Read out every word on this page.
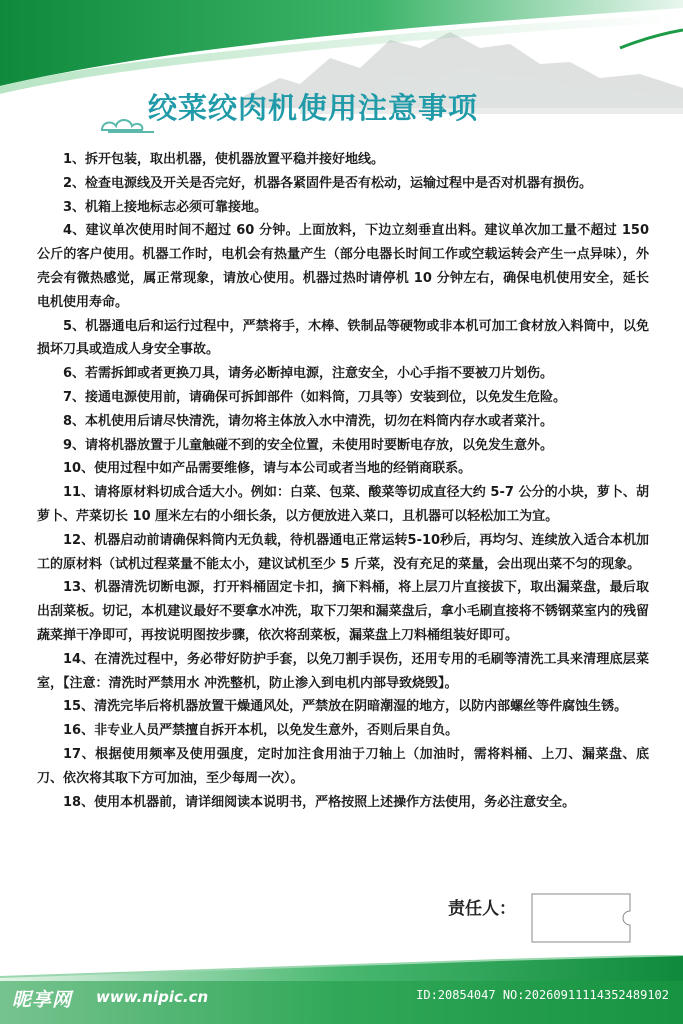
绞菜绞肉机使用注意事项

1、拆开包装，取出机器，使机器放置平稳并接好地线。

2、检查电源线及开关是否完好，机器各紧固件是否有松动，运输过程中是否对机器有损伤。

3、机箱上接地标志必须可靠接地。

4、建议单次使用时间不超过 60 分钟。上面放料，下边立刻垂直出料。建议单次加工量不超过 150 公斤的客户使用。机器工作时，电机会有热量产生（部分电器长时间工作或空载运转会产生一点异味），外壳会有微热感觉，属正常现象，请放心使用。机器过热时请停机 10 分钟左右，确保电机使用安全，延长电机使用寿命。

5、机器通电后和运行过程中，严禁将手，木棒、铁制品等硬物或非本机可加工食材放入料筒中，以免损坏刀具或造成人身安全事故。

6、若需拆卸或者更换刀具，请务必断掉电源，注意安全，小心手指不要被刀片划伤。

7、接通电源使用前，请确保可拆卸部件（如料筒，刀具等）安装到位，以免发生危险。

8、本机使用后请尽快清洗，请勿将主体放入水中清洗，切勿在料筒内存水或者菜汁。

9、请将机器放置于儿童触碰不到的安全位置，未使用时要断电存放，以免发生意外。

10、使用过程中如产品需要维修，请与本公司或者当地的经销商联系。

11、请将原材料切成合适大小。例如：白菜、包菜、酸菜等切成直径大约 5-7 公分的小块，萝卜、胡萝卜、芹菜切长 10 厘米左右的小细长条，以方便放进入菜口，且机器可以轻松加工为宜。

12、机器启动前请确保料筒内无负载，待机器通电正常运转5-10秒后，再均匀、连续放入适合本机加工的原材料（试机过程菜量不能太小，建议试机至少 5 斤菜，没有充足的菜量，会出现出菜不匀的现象。

13、机器清洗切断电源，打开料桶固定卡扣，摘下料桶，将上层刀片直接拔下，取出漏菜盘，最后取出刮菜板。切记，本机建议最好不要拿水冲洗，取下刀架和漏菜盘后，拿小毛刷直接将不锈钢菜室内的残留蔬菜掸干净即可，再按说明图按步骤，依次将刮菜板，漏菜盘上刀料桶组装好即可。

14、在清洗过程中，务必带好防护手套，以免刀割手误伤，还用专用的毛刷等清洗工具来清理底层菜室，【注意：清洗时严禁用水 冲洗整机，防止渗入到电机内部导致烧毁】。

15、清洗完毕后将机器放置干燥通风处，严禁放在阴暗潮湿的地方，以防内部螺丝等件腐蚀生锈。

16、非专业人员严禁擅自拆开本机，以免发生意外，否则后果自负。

17、根据使用频率及使用强度，定时加注食用油于刀轴上（加油时，需将料桶、上刀、漏菜盘、底刀、依次将其取下方可加油，至少每周一次）。

18、使用本机器前，请详细阅读本说明书，严格按照上述操作方法使用，务必注意安全。

责任人：
昵享网 www.nipic.cn	ID:20854047 NO:20260911114352489102
